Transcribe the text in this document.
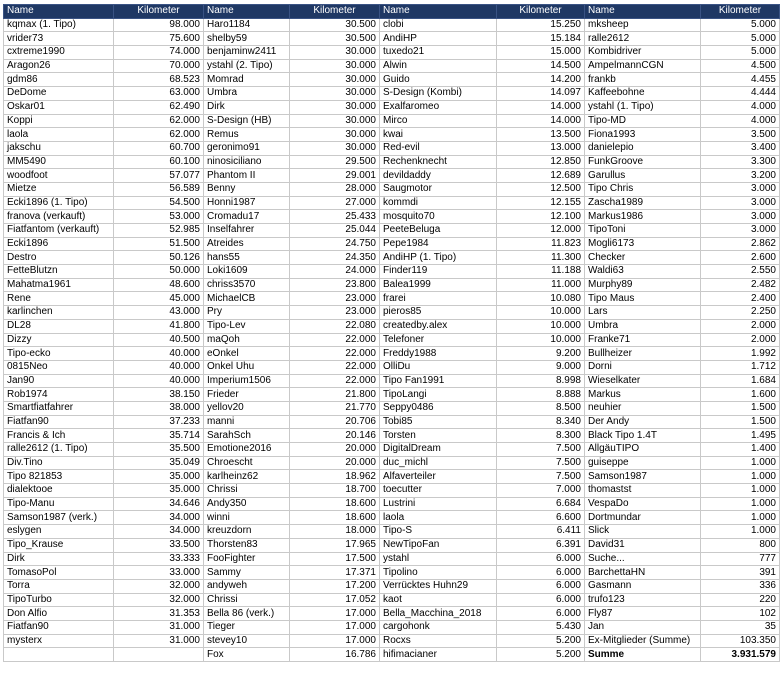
Name	Kilometer	Name	Kilometer	Name	Kilometer	Name	Kilometer
kqmax (1. Tipo)	98.000	Haro1184	30.500	clobi	15.250	mksheep	5.000
vrider73	75.600	shelby59	30.500	AndiHP	15.184	ralle2612	5.000
cxtreme1990	74.000	benjaminw2411	30.000	tuxedo21	15.000	Kombidriver	5.000
Aragon26	70.000	ystahl (2. Tipo)	30.000	Alwin	14.500	AmpelmannCGN	4.500
gdm86	68.523	Momrad	30.000	Guido	14.200	frankb	4.455
DeDome	63.000	Umbra	30.000	S-Design (Kombi)	14.097	Kaffeebohne	4.444
Oskar01	62.490	Dirk	30.000	Exalfaromeo	14.000	ystahl (1. Tipo)	4.000
Koppi	62.000	S-Design (HB)	30.000	Mirco	14.000	Tipo-MD	4.000
laola	62.000	Remus	30.000	kwai	13.500	Fiona1993	3.500
jakschu	60.700	geronimo91	30.000	Red-evil	13.000	danielepio	3.400
MM5490	60.100	ninosiciliano	29.500	Rechenknecht	12.850	FunkGroove	3.300
woodfoot	57.077	Phantom II	29.001	devildaddy	12.689	Garullus	3.200
Mietze	56.589	Benny	28.000	Saugmotor	12.500	Tipo Chris	3.000
Ecki1896 (1. Tipo)	54.500	Honni1987	27.000	kommdi	12.155	Zascha1989	3.000
franova (verkauft)	53.000	Cromadu17	25.433	mosquito70	12.100	Markus1986	3.000
Fiatfantom (verkauft)	52.985	Inselfahrer	25.044	PeeteBeluga	12.000	TipoToni	3.000
Ecki1896	51.500	Atreides	24.750	Pepe1984	11.823	Mogli6173	2.862
Destro	50.126	hans55	24.350	AndiHP (1. Tipo)	11.300	Checker	2.600
FetteBlutzn	50.000	Loki1609	24.000	Finder119	11.188	Waldi63	2.550
Mahatma1961	48.600	chriss3570	23.800	Balea1999	11.000	Murphy89	2.482
Rene	45.000	MichaelCB	23.000	frarei	10.080	Tipo Maus	2.400
karlinchen	43.000	Pry	23.000	pieros85	10.000	Lars	2.250
DL28	41.800	Tipo-Lev	22.080	createdby.alex	10.000	Umbra	2.000
Dizzy	40.500	maQoh	22.000	Telefoner	10.000	Franke71	2.000
Tipo-ecko	40.000	eOnkel	22.000	Freddy1988	9.200	Bullheizer	1.992
0815Neo	40.000	Onkel Uhu	22.000	OlliDu	9.000	Dorni	1.712
Jan90	40.000	Imperium1506	22.000	Tipo Fan1991	8.998	Wieselkater	1.684
Rob1974	38.150	Frieder	21.800	TipoLangi	8.888	Markus	1.600
Smartfiatfahrer	38.000	yellov20	21.770	Seppy0486	8.500	neuhier	1.500
Fiatfan90	37.233	manni	20.706	Tobi85	8.340	Der Andy	1.500
Francis & Ich	35.714	SarahSch	20.146	Torsten	8.300	Black Tipo 1.4T	1.495
ralle2612 (1. Tipo)	35.500	Emotione2016	20.000	DigitalDream	7.500	AllgäuTIPO	1.400
Div.Tino	35.049	Chroescht	20.000	duc_michl	7.500	guiseppe	1.000
Tipo 821853	35.000	karlheinz62	18.962	Alfaverteiler	7.500	Samson1987	1.000
dialektooe	35.000	Chrissi	18.700	toecutter	7.000	thomastst	1.000
Tipo-Manu	34.646	Andy350	18.600	Lustrini	6.684	VespaDo	1.000
Samson1987 (verk.)	34.000	winni	18.600	laola	6.600	Dortmundar	1.000
eslygen	34.000	kreuzdorn	18.000	Tipo-S	6.411	Slick	1.000
Tipo_Krause	33.500	Thorsten83	17.965	NewTipoFan	6.391	David31	800
Dirk	33.333	FooFighter	17.500	ystahl	6.000	Suche...	777
TomasoPol	33.000	Sammy	17.371	Tipolino	6.000	BarchettaHN	391
Torra	32.000	andyweh	17.200	Verrücktes Huhn29	6.000	Gasmann	336
TipoTurbo	32.000	Chrissi	17.052	kaot	6.000	trufo123	220
Don Alfio	31.353	Bella 86 (verk.)	17.000	Bella_Macchina_2018	6.000	Fly87	102
Fiatfan90	31.000	Tieger	17.000	cargohonk	5.430	Jan	35
mysterx	31.000	stevey10	17.000	Rocxs	5.200	Ex-Mitglieder (Summe)	103.350
		Fox	16.786	hifimacianer	5.200	Summe	3.931.579
